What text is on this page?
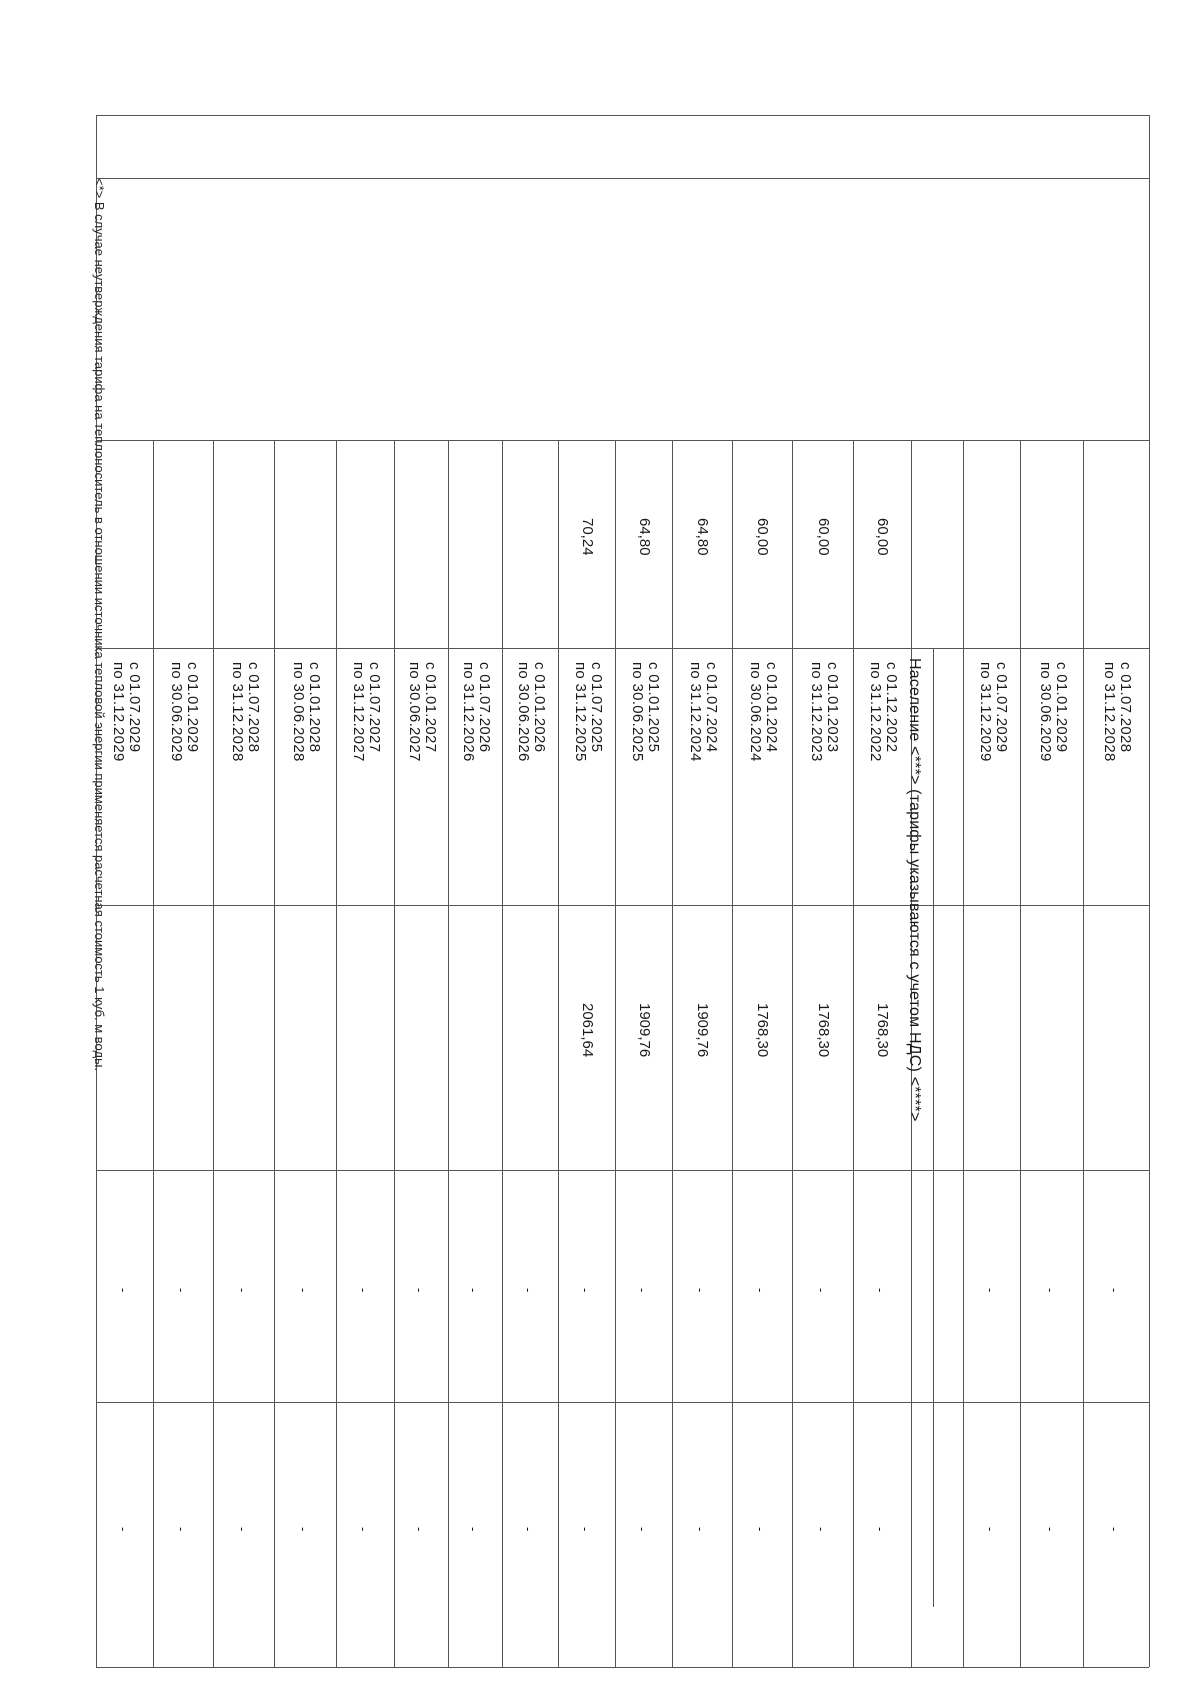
с 01.07.2028
по 31.12.2028
-
-
с 01.01.2029
по 30.06.2029
-
-
с 01.07.2029
по 31.12.2029
-
-
с 01.12.2022
по 31.12.2022
60,00
1768,30
-
-
с 01.01.2023
по 31.12.2023
60,00
1768,30
-
-
с 01.01.2024
по 30.06.2024
60,00
1768,30
-
-
с 01.07.2024
по 31.12.2024
64,80
1909,76
-
-
с 01.01.2025
по 30.06.2025
64,80
1909,76
-
-
с 01.07.2025
по 31.12.2025
70,24
2061,64
-
-
с 01.01.2026
по 30.06.2026
-
-
с 01.07.2026
по 31.12.2026
-
-
с 01.01.2027
по 30.06.2027
-
-
с 01.07.2027
по 31.12.2027
-
-
с 01.01.2028
по 30.06.2028
-
-
с 01.07.2028
по 31.12.2028
-
-
с 01.01.2029
по 30.06.2029
-
-
с 01.07.2029
по 31.12.2029
-
-
Население <***> (тарифы указываются с учетом НДС) <****>
<*> В случае неутверждения тарифа на теплоноситель в отношении источника тепловой энергии применяется расчетная стоимость 1 куб. м воды.
